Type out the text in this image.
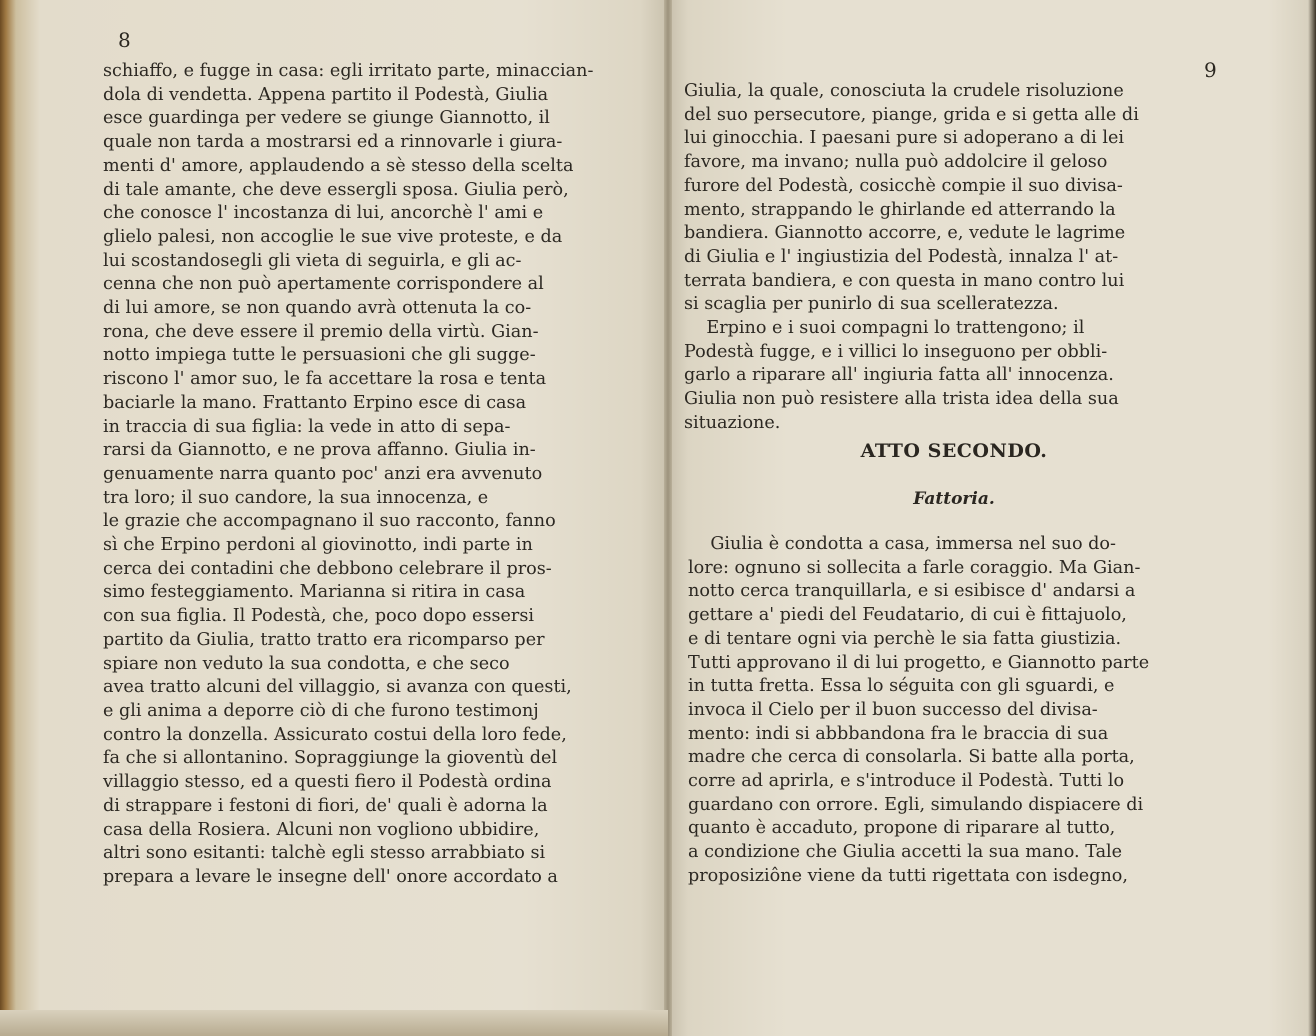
8
schiaffo, e fugge in casa: egli irritato parte, minaccian-
dola di vendetta. Appena partito il Podestà, Giulia
esce guardinga per vedere se giunge Giannotto, il
quale non tarda a mostrarsi ed a rinnovarle i giura-
menti d' amore, applaudendo a sè stesso della scelta
di tale amante, che deve essergli sposa. Giulia però,
che conosce l' incostanza di lui, ancorchè l' ami e
glielo palesi, non accoglie le sue vive proteste, e da
lui scostandosegli gli vieta di seguirla, e gli ac-
cenna che non può apertamente corrispondere al
di lui amore, se non quando avrà ottenuta la co-
rona, che deve essere il premio della virtù. Gian-
notto impiega tutte le persuasioni che gli sugge-
riscono l' amor suo, le fa accettare la rosa e tenta
baciarle la mano. Frattanto Erpino esce di casa
in traccia di sua figlia: la vede in atto di sepa-
rarsi da Giannotto, e ne prova affanno. Giulia in-
genuamente narra quanto poc' anzi era avvenuto
tra loro; il suo candore, la sua innocenza, e
le grazie che accompagnano il suo racconto, fanno
sì che Erpino perdoni al giovinotto, indi parte in
cerca dei contadini che debbono celebrare il pros-
simo festeggiamento. Marianna si ritira in casa
con sua figlia. Il Podestà, che, poco dopo essersi
partito da Giulia, tratto tratto era ricomparso per
spiare non veduto la sua condotta, e che seco
avea tratto alcuni del villaggio, si avanza con questi,
e gli anima a deporre ciò di che furono testimonj
contro la donzella. Assicurato costui della loro fede,
fa che si allontanino. Sopraggiunge la gioventù del
villaggio stesso, ed a questi fiero il Podestà ordina
di strappare i festoni di fiori, de' quali è adorna la
casa della Rosiera. Alcuni non vogliono ubbidire,
altri sono esitanti: talchè egli stesso arrabbiato si
prepara a levare le insegne dell' onore accordato a
9
Giulia, la quale, conosciuta la crudele risoluzione
del suo persecutore, piange, grida e si getta alle di
lui ginocchia. I paesani pure si adoperano a di lei
favore, ma invano; nulla può addolcire il geloso
furore del Podestà, cosicchè compie il suo divisa-
mento, strappando le ghirlande ed atterrando la
bandiera. Giannotto accorre, e, vedute le lagrime
di Giulia e l' ingiustizia del Podestà, innalza l' at-
terrata bandiera, e con questa in mano contro lui
si scaglia per punirlo di sua scelleratezza.
Erpino e i suoi compagni lo trattengono; il
Podestà fugge, e i villici lo inseguono per obbli-
garlo a riparare all' ingiuria fatta all' innocenza.
Giulia non può resistere alla trista idea della sua
situazione.
ATTO SECONDO.
Fattoria.
Giulia è condotta a casa, immersa nel suo do-
lore: ognuno si sollecita a farle coraggio. Ma Gian-
notto cerca tranquillarla, e si esibisce d' andarsi a
gettare a' piedi del Feudatario, di cui è fittajuolo,
e di tentare ogni via perchè le sia fatta giustizia.
Tutti approvano il di lui progetto, e Giannotto parte
in tutta fretta. Essa lo séguita con gli sguardi, e
invoca il Cielo per il buon successo del divisa-
mento: indi si abbbandona fra le braccia di sua
madre che cerca di consolarla. Si batte alla porta,
corre ad aprirla, e s'introduce il Podestà. Tutti lo
guardano con orrore. Egli, simulando dispiacere di
quanto è accaduto, propone di riparare al tutto,
a condizione che Giulia accetti la sua mano. Tale
proposiziône viene da tutti rigettata con isdegno,
